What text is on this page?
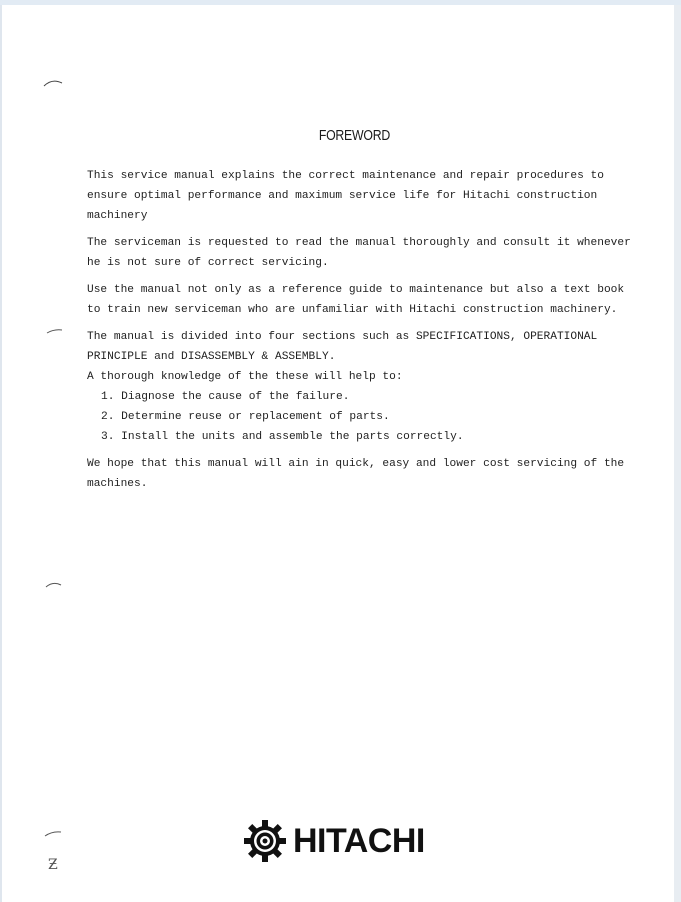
Ƶ
FOREWORD

This service manual explains the correct maintenance and repair procedures to ensure optimal performance and maximum service life for Hitachi construction machinery

The serviceman is requested to read the manual thoroughly and consult it whenever he is not sure of correct servicing.

Use the manual not only as a reference guide to maintenance but also a text book to train new serviceman who are unfamiliar with Hitachi construction machinery.

The manual is divided into four sections such as SPECIFICATIONS, OPERATIONAL PRINCIPLE and DISASSEMBLY & ASSEMBLY.

A thorough knowledge of the these will help to:

1. Diagnose the cause of the failure.
2. Determine reuse or replacement of parts.
3. Install the units and assemble the parts correctly.

We hope that this manual will ain in quick, easy and lower cost servicing of the machines.

HITACHI
